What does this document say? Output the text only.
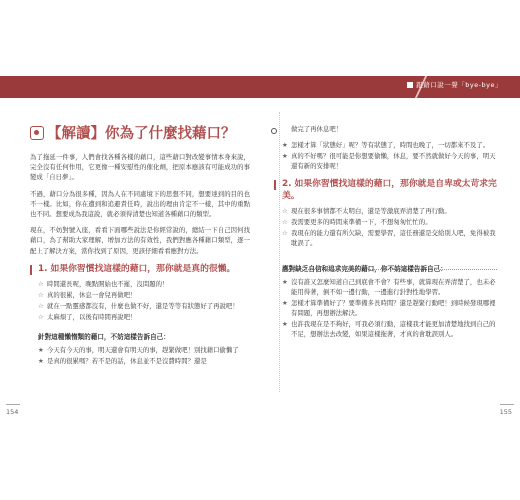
跟藉口說一聲「bye-bye」
【解讀】你為了什麼找藉口？

為了拖延一件事，人們會找各種各樣的藉口，這些藉口對改變事情本身來說，完全沒有任何作用，它更像一種安慰性的催化劑，把原本應該有可能成功的事變成「自日夢」。

不過，藉口分為很多種，因為人在不同處境下的思想不同，想要達到的目的也不一樣。比如，你在遭到和追避責任時，說出的理由肯定不一樣，其中的重點也不同。想要成為我這說，就必須得清楚也知道各種藉口的類型。

現在，不妨對號入座，看看下面哪些說法是你經常說的，總結一下自己因何找藉口，為了幫助大家理解，增加方法的有效性，我們對應各種藉口類型，逐一配上了解決方案，當你找到了原因，更該仔細看看應對方法。

1. 如果你習慣找這樣的藉口，那你就是真的很懶。
☆ 時間還長呢，晚點開始也不遲，沒問題的！
☆ 真的很累，休息一會兒再做吧！
☆ 就在一點靈感都沒有，什麼也做不好，還是等等有狀態好了再說吧！
☆ 太麻煩了，以後有時間再說吧！
針對這種懶惰類的藉口，不妨這樣告訴自己：
★ 今天有今天的事，明天還會有明天的事，趕緊做吧！別找藉口偷懶了
★ 是真的很累嗎？若不是的話，休息並不是沒費時間？還是
做完了再休息吧！
★ 怎樣才算「狀態好」呢？等有狀態了，時間也晚了，一切都來不及了。
★ 真的不好嗎？很可能是你想要偷懶，休息，要不然就做好今天的事，明天還有新的安排呢！
2. 如果你習慣找這樣的藉口，那你就是自卑或太苛求完美。
☆ 現在很多事情都不太明白，還是等激底弄清楚了再行動。
☆ 我需要更多的時間來準備一下，不想匆匆忙忙的。
☆ 我現在的能力還有所欠缺，需要學習，這任務還是交給別人吧，免得被我耽誤了。
應對缺乏自信和追求完美的藉口，你不妨這樣告訴自己：
★ 沒有誰又怎麼知道自己到底會不會？有些事，就算現在弄清楚了，也未必能用得著，倒不如一邊行動，一邊進行針對性地學習。
★ 怎樣才算準備好了？要準備多長時間？還是趕緊行動吧！到時候發現哪裡有問題，再想辦法解決。
★ 也許我現在是不夠好，可我必須行動，這樣我才能更加清楚地找到自己的不足，想辦法去改變，如果這樣拖著，才真的會耽誤別人。
154	155
